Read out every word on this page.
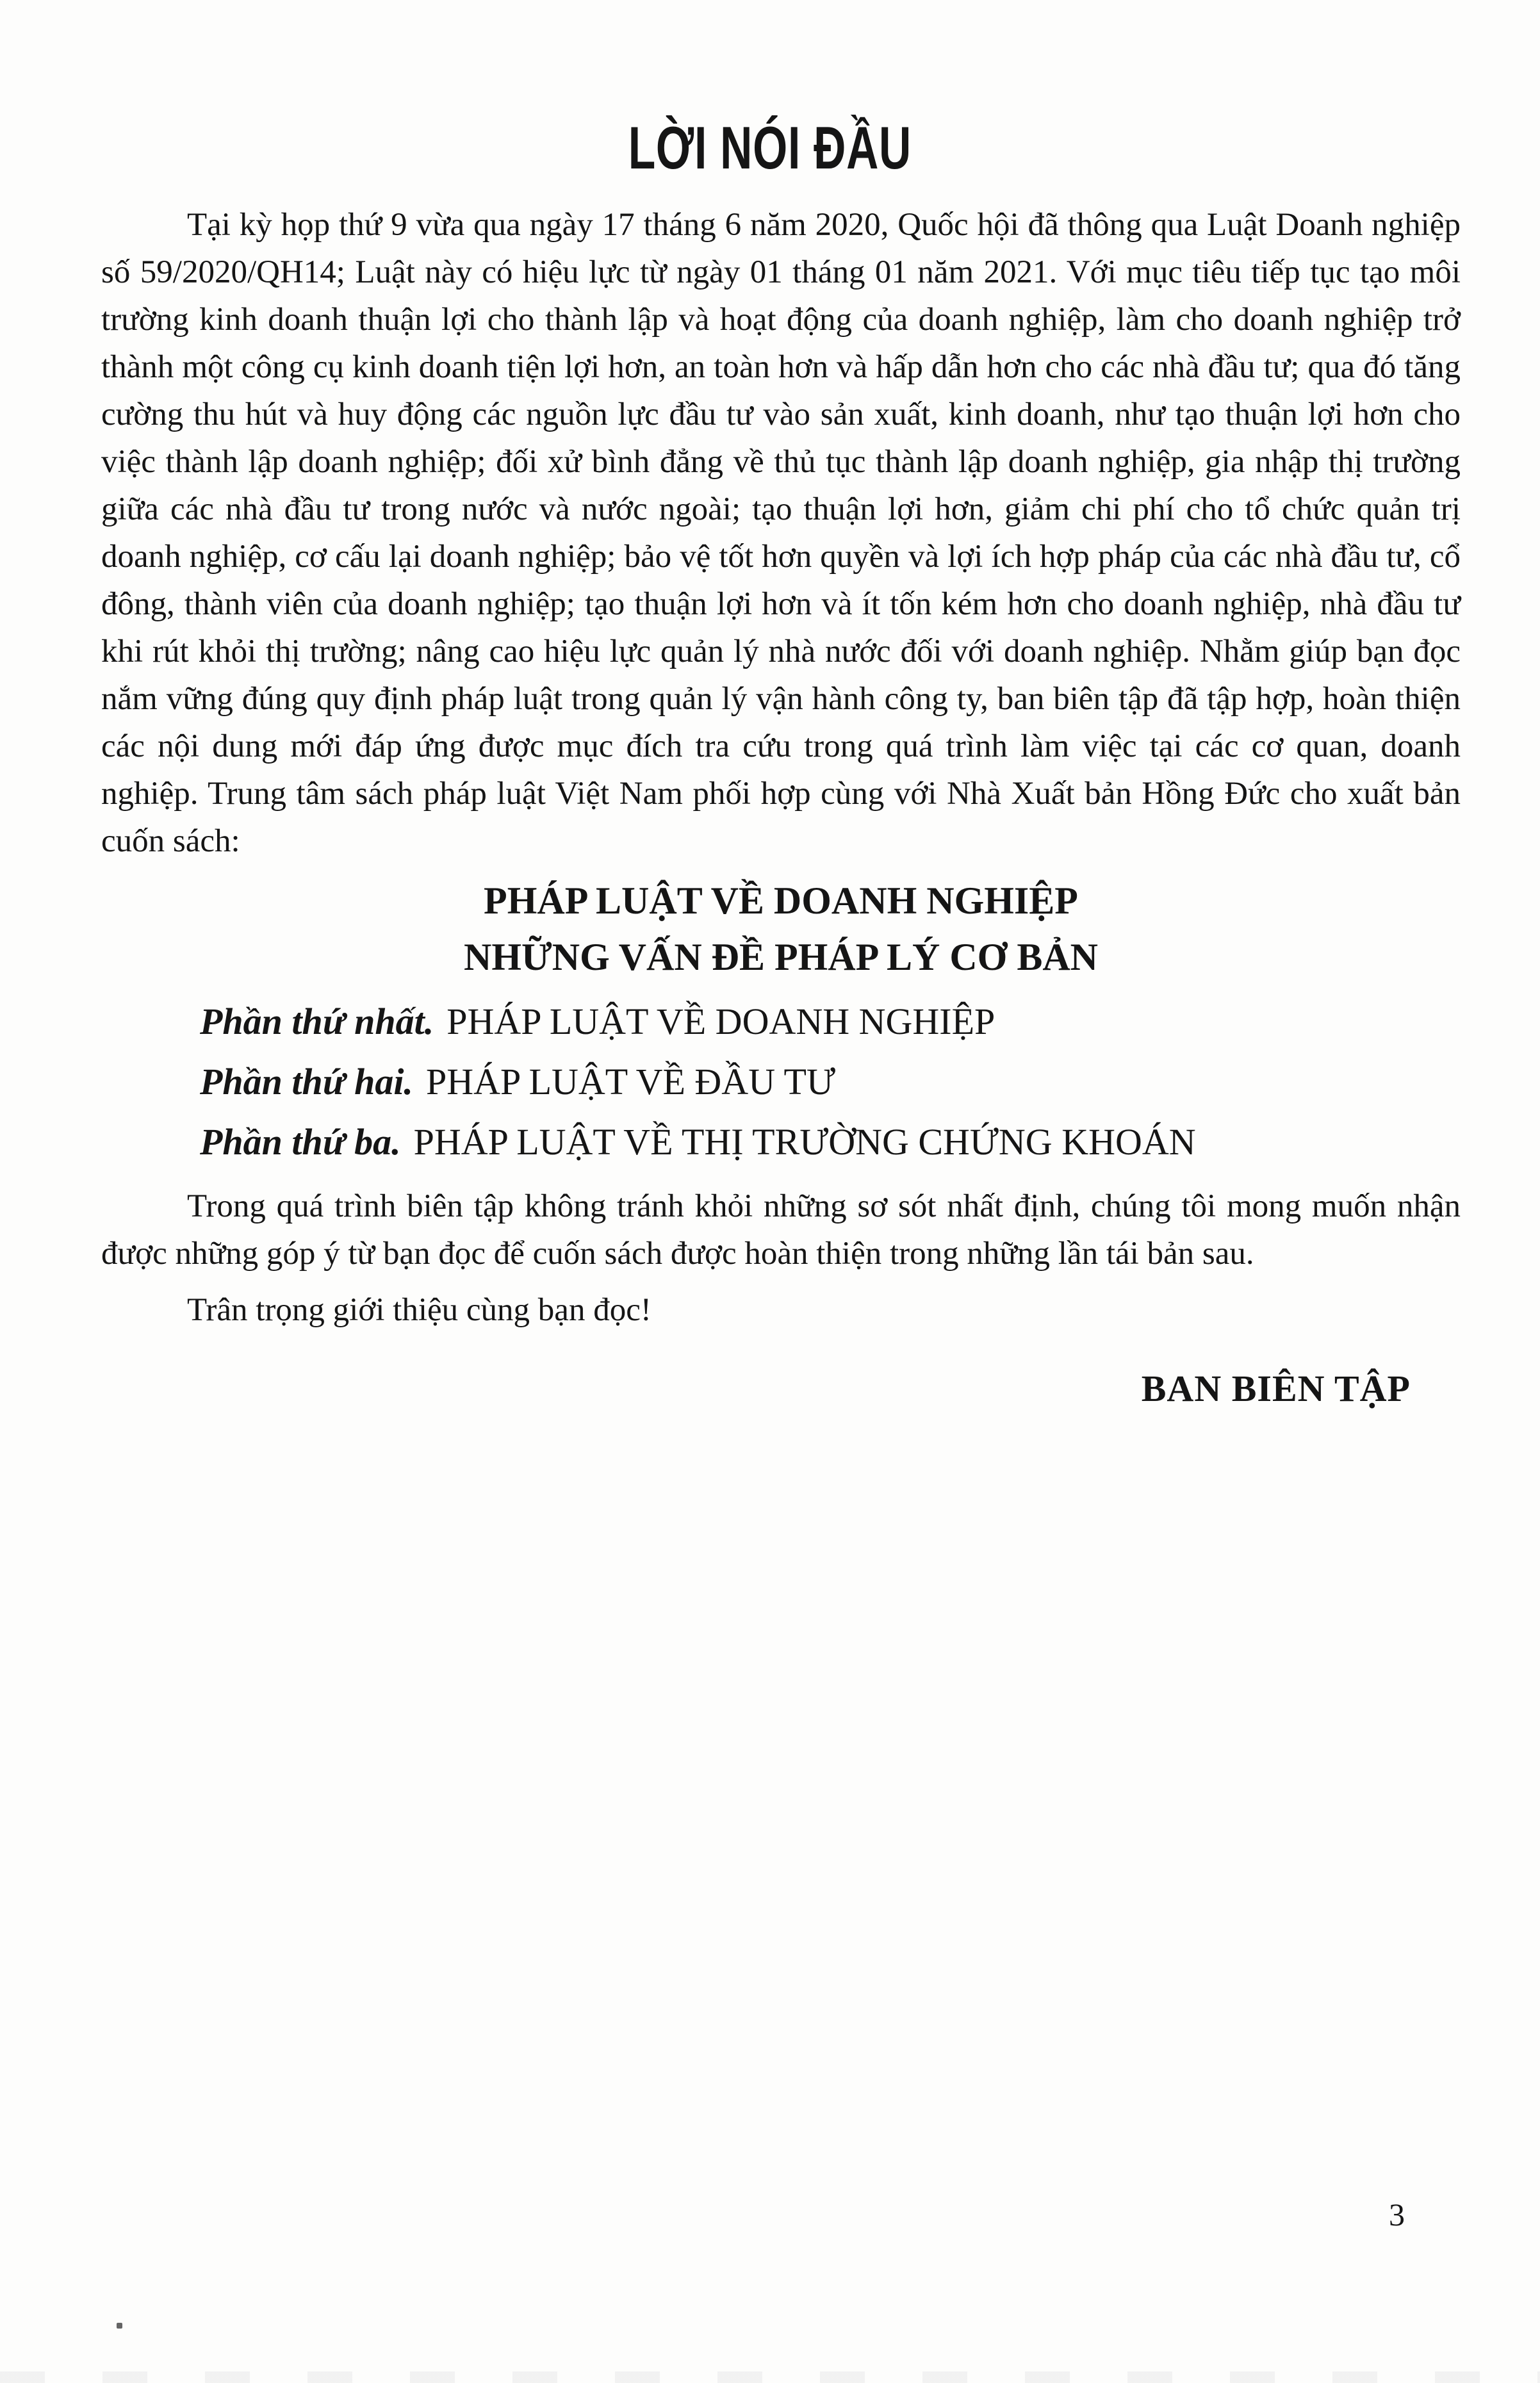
LỜI NÓI ĐẦU

Tại kỳ họp thứ 9 vừa qua ngày 17 tháng 6 năm 2020, Quốc hội đã thông qua Luật Doanh nghiệp số 59/2020/QH14; Luật này có hiệu lực từ ngày 01 tháng 01 năm 2021. Với mục tiêu tiếp tục tạo môi trường kinh doanh thuận lợi cho thành lập và hoạt động của doanh nghiệp, làm cho doanh nghiệp trở thành một công cụ kinh doanh tiện lợi hơn, an toàn hơn và hấp dẫn hơn cho các nhà đầu tư; qua đó tăng cường thu hút và huy động các nguồn lực đầu tư vào sản xuất, kinh doanh, như tạo thuận lợi hơn cho việc thành lập doanh nghiệp; đối xử bình đẳng về thủ tục thành lập doanh nghiệp, gia nhập thị trường giữa các nhà đầu tư trong nước và nước ngoài; tạo thuận lợi hơn, giảm chi phí cho tổ chức quản trị doanh nghiệp, cơ cấu lại doanh nghiệp; bảo vệ tốt hơn quyền và lợi ích hợp pháp của các nhà đầu tư, cổ đông, thành viên của doanh nghiệp; tạo thuận lợi hơn và ít tốn kém hơn cho doanh nghiệp, nhà đầu tư khi rút khỏi thị trường; nâng cao hiệu lực quản lý nhà nước đối với doanh nghiệp. Nhằm giúp bạn đọc nắm vững đúng quy định pháp luật trong quản lý vận hành công ty, ban biên tập đã tập hợp, hoàn thiện các nội dung mới đáp ứng được mục đích tra cứu trong quá trình làm việc tại các cơ quan, doanh nghiệp. Trung tâm sách pháp luật Việt Nam phối hợp cùng với Nhà Xuất bản Hồng Đức cho xuất bản cuốn sách:

PHÁP LUẬT VỀ DOANH NGHIỆP
NHỮNG VẤN ĐỀ PHÁP LÝ CƠ BẢN
Phần thứ nhất. PHÁP LUẬT VỀ DOANH NGHIỆP
Phần thứ hai. PHÁP LUẬT VỀ ĐẦU TƯ
Phần thứ ba. PHÁP LUẬT VỀ THỊ TRƯỜNG CHỨNG KHOÁN

Trong quá trình biên tập không tránh khỏi những sơ sót nhất định, chúng tôi mong muốn nhận được những góp ý từ bạn đọc để cuốn sách được hoàn thiện trong những lần tái bản sau.

Trân trọng giới thiệu cùng bạn đọc!

BAN BIÊN TẬP
3
